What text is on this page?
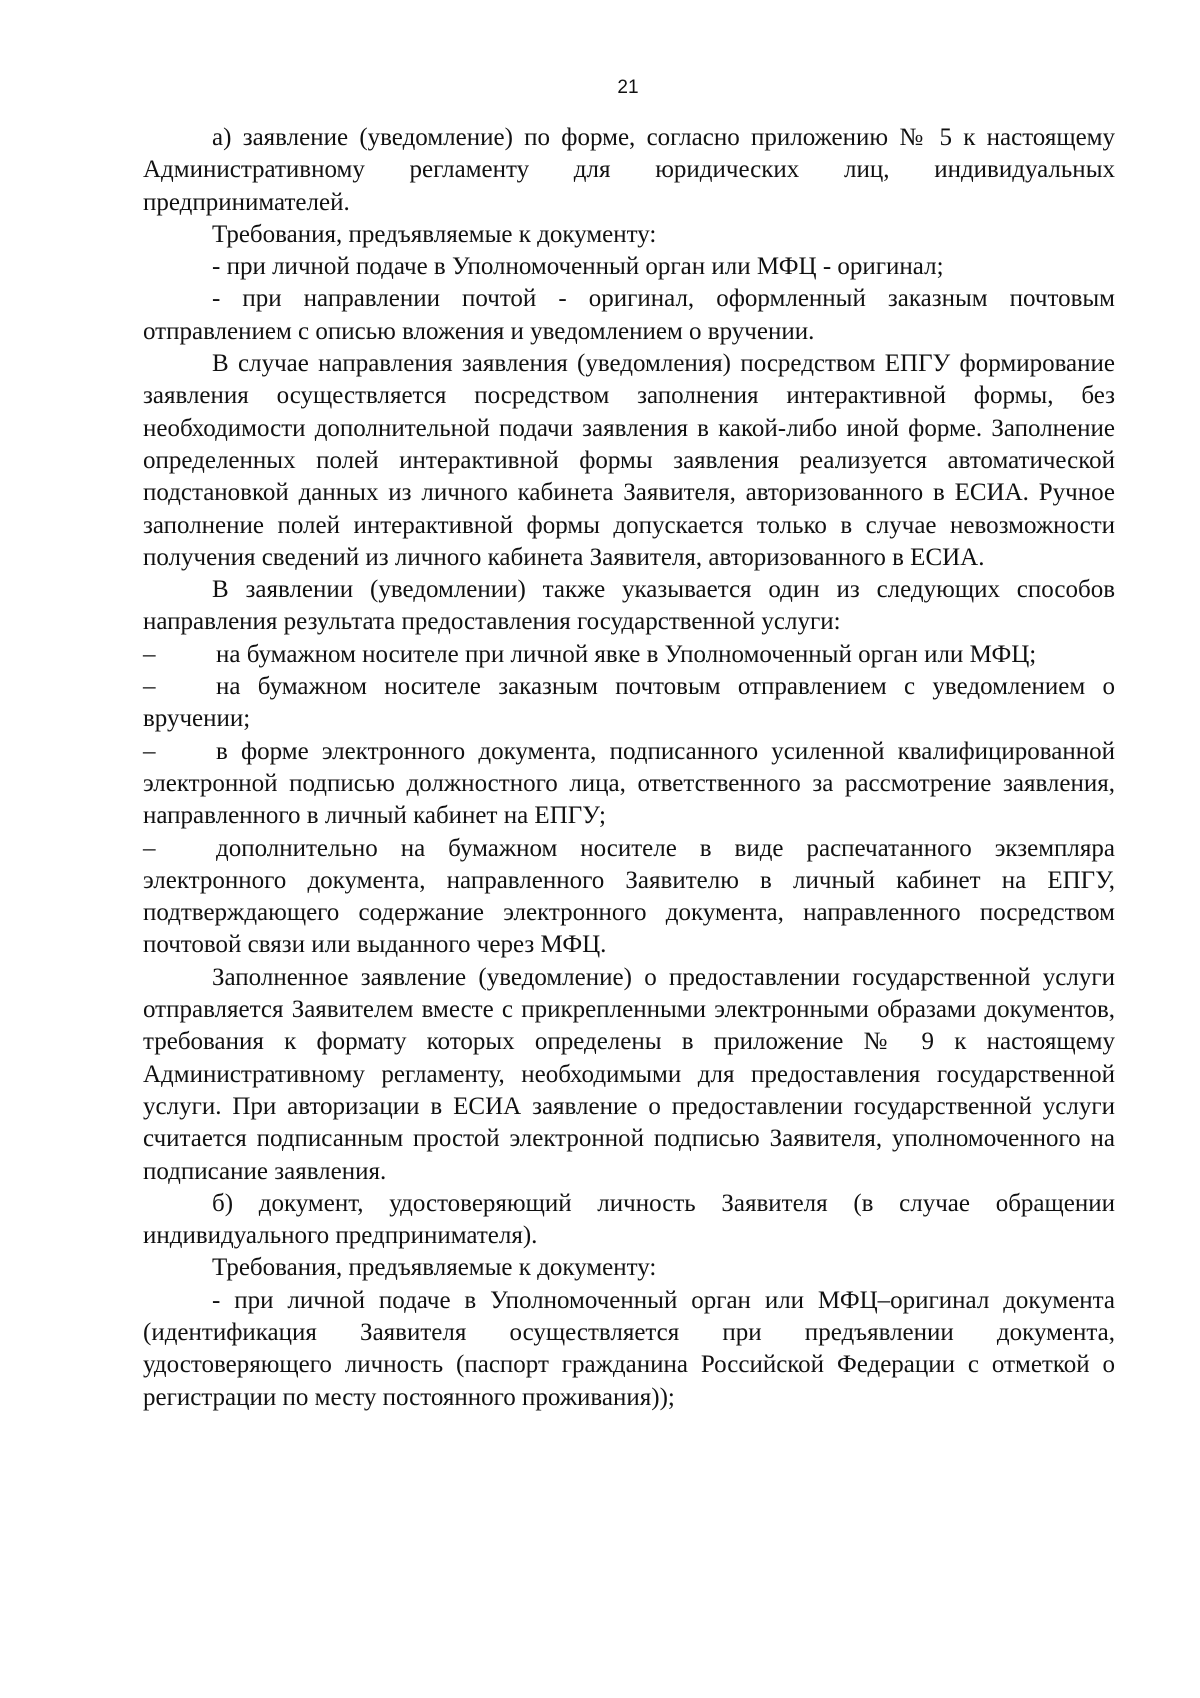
21

а) заявление (уведомление) по форме, согласно приложению № 5 к настоящему Административному регламенту для юридических лиц, индивидуальных предпринимателей.

Требования, предъявляемые к документу:

- при личной подаче в Уполномоченный орган или МФЦ - оригинал;

- при направлении почтой - оригинал, оформленный заказным почтовым отправлением с описью вложения и уведомлением о вручении.

В случае направления заявления (уведомления) посредством ЕПГУ формирование заявления осуществляется посредством заполнения интерактивной формы, без необходимости дополнительной подачи заявления в какой-либо иной форме. Заполнение определенных полей интерактивной формы заявления реализуется автоматической подстановкой данных из личного кабинета Заявителя, авторизованного в ЕСИА. Ручное заполнение полей интерактивной формы допускается только в случае невозможности получения сведений из личного кабинета Заявителя, авторизованного в ЕСИА.

В заявлении (уведомлении) также указывается один из следующих способов направления результата предоставления государственной услуги:

– на бумажном носителе при личной явке в Уполномоченный орган или МФЦ;

– на бумажном носителе заказным почтовым отправлением с уведомлением о вручении;

– в форме электронного документа, подписанного усиленной квалифицированной электронной подписью должностного лица, ответственного за рассмотрение заявления, направленного в личный кабинет на ЕПГУ;

– дополнительно на бумажном носителе в виде распечатанного экземпляра электронного документа, направленного Заявителю в личный кабинет на ЕПГУ, подтверждающего содержание электронного документа, направленного посредством почтовой связи или выданного через МФЦ.

Заполненное заявление (уведомление) о предоставлении государственной услуги отправляется Заявителем вместе с прикрепленными электронными образами документов, требования к формату которых определены в приложение № 9 к настоящему Административному регламенту, необходимыми для предоставления государственной услуги. При авторизации в ЕСИА заявление о предоставлении государственной услуги считается подписанным простой электронной подписью Заявителя, уполномоченного на подписание заявления.

б) документ, удостоверяющий личность Заявителя (в случае обращении индивидуального предпринимателя).

Требования, предъявляемые к документу:

- при личной подаче в Уполномоченный орган или МФЦ–оригинал документа (идентификация Заявителя осуществляется при предъявлении документа, удостоверяющего личность (паспорт гражданина Российской Федерации с отметкой о регистрации по месту постоянного проживания));
